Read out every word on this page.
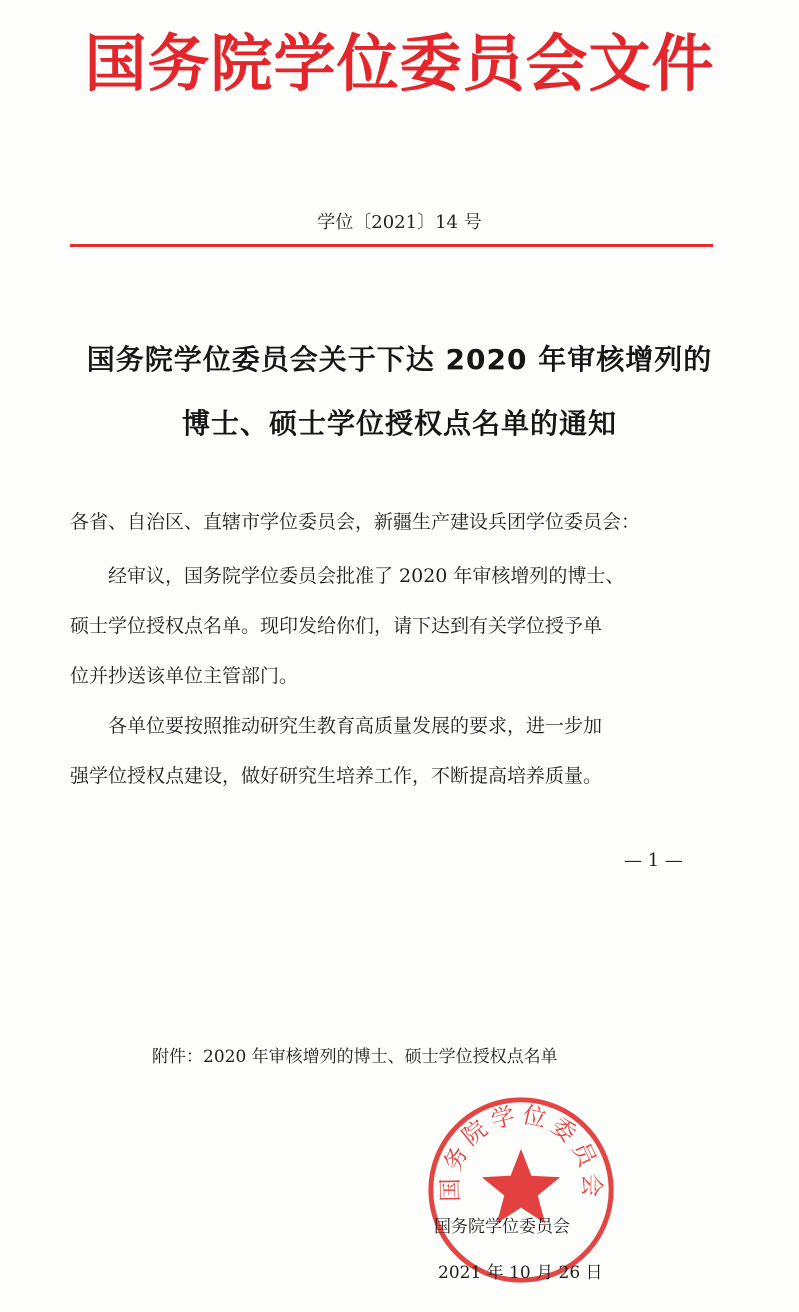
国务院学位委员会文件
学位〔2021〕14 号
国务院学位委员会关于下达 2020 年审核增列的
博士、硕士学位授权点名单的通知
各省、自治区、直辖市学位委员会，新疆生产建设兵团学位委员会：
经审议，国务院学位委员会批准了 2020 年审核增列的博士、
硕士学位授权点名单。现印发给你们，请下达到有关学位授予单
位并抄送该单位主管部门。
各单位要按照推动研究生教育高质量发展的要求，进一步加
强学位授权点建设，做好研究生培养工作，不断提高培养质量。
— 1 —
附件：2020 年审核增列的博士、硕士学位授权点名单
国务院学位委员会
国务院学位委员会
2021 年 10 月 26 日
